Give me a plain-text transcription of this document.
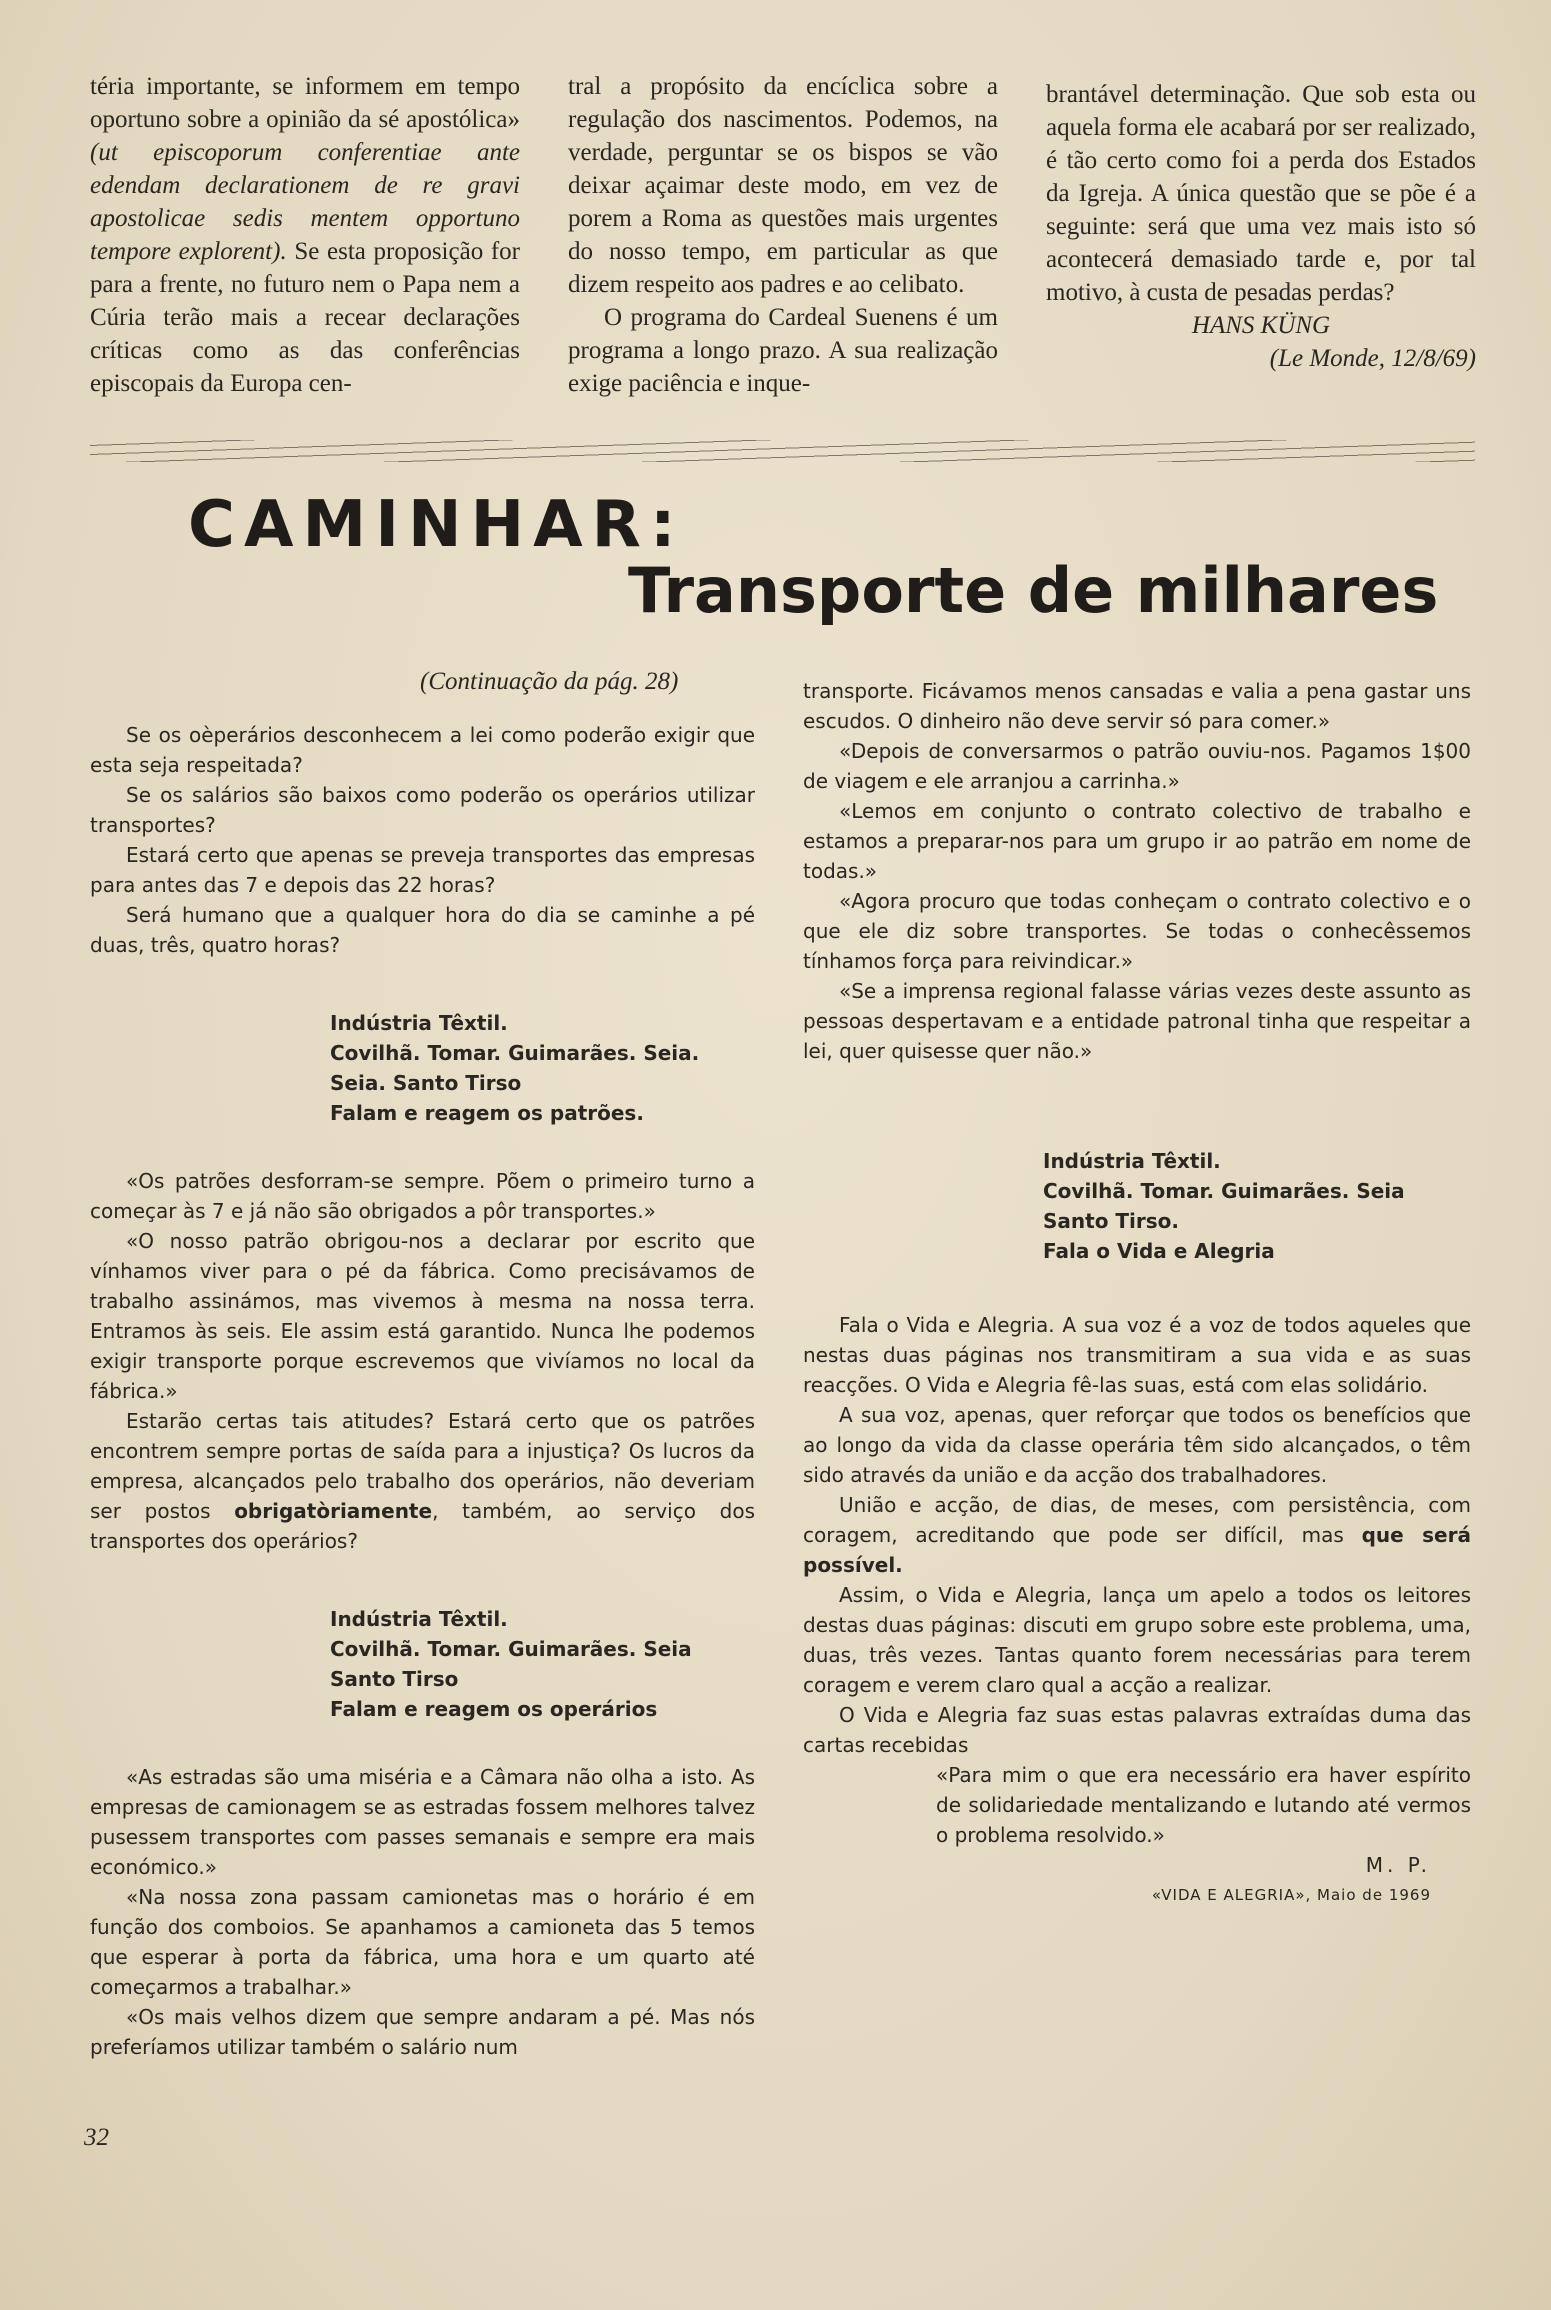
téria importante, se informem em tempo oportuno sobre a opinião da sé apostólica» (ut episcoporum conferentiae ante edendam declarationem de re gravi apostolicae sedis mentem opportuno tempore explorent). Se esta proposição for para a frente, no futuro nem o Papa nem a Cúria terão mais a recear declarações críticas como as das conferências episcopais da Europa cen-

tral a propósito da encíclica sobre a regulação dos nascimentos. Podemos, na verdade, perguntar se os bispos se vão deixar açaimar deste modo, em vez de porem a Roma as questões mais urgentes do nosso tempo, em particular as que dizem respeito aos padres e ao celibato.

O programa do Cardeal Suenens é um programa a longo prazo. A sua realização exige paciência e inque-

brantável determinação. Que sob esta ou aquela forma ele acabará por ser realizado, é tão certo como foi a perda dos Estados da Igreja. A única questão que se põe é a seguinte: será que uma vez mais isto só acontecerá demasiado tarde e, por tal motivo, à custa de pesadas perdas?

HANS KÜNG

(Le Monde, 12/8/69)

CAMINHAR:
Transporte de milhares
(Continuação da pág. 28)

Se os oèperários desconhecem a lei como poderão exigir que esta seja respeitada?

Se os salários são baixos como poderão os operários utilizar transportes?

Estará certo que apenas se preveja transportes das empresas para antes das 7 e depois das 22 horas?

Será humano que a qualquer hora do dia se caminhe a pé duas, três, quatro horas?

Indústria Têxtil.
Covilhã. Tomar. Guimarães. Seia.
Seia. Santo Tirso
Falam e reagem os patrões.

«Os patrões desforram-se sempre. Põem o primeiro turno a começar às 7 e já não são obrigados a pôr transportes.»

«O nosso patrão obrigou-nos a declarar por escrito que vínhamos viver para o pé da fábrica. Como precisávamos de trabalho assinámos, mas vivemos à mesma na nossa terra. Entramos às seis. Ele assim está garantido. Nunca lhe podemos exigir transporte porque escrevemos que vivíamos no local da fábrica.»

Estarão certas tais atitudes? Estará certo que os patrões encontrem sempre portas de saída para a injustiça? Os lucros da empresa, alcançados pelo trabalho dos operários, não deveriam ser postos obrigatòriamente, também, ao serviço dos transportes dos operários?

Indústria Têxtil.
Covilhã. Tomar. Guimarães. Seia
Santo Tirso
Falam e reagem os operários

«As estradas são uma miséria e a Câmara não olha a isto. As empresas de camionagem se as estradas fossem melhores talvez pusessem transportes com passes semanais e sempre era mais económico.»

«Na nossa zona passam camionetas mas o horário é em função dos comboios. Se apanhamos a camioneta das 5 temos que esperar à porta da fábrica, uma hora e um quarto até começarmos a trabalhar.»

«Os mais velhos dizem que sempre andaram a pé. Mas nós preferíamos utilizar também o salário num

transporte. Ficávamos menos cansadas e valia a pena gastar uns escudos. O dinheiro não deve servir só para comer.»

«Depois de conversarmos o patrão ouviu-nos. Pagamos 1$00 de viagem e ele arranjou a carrinha.»

«Lemos em conjunto o contrato colectivo de trabalho e estamos a preparar-nos para um grupo ir ao patrão em nome de todas.»

«Agora procuro que todas conheçam o contrato colectivo e o que ele diz sobre transportes. Se todas o conhecêssemos tínhamos força para reivindicar.»

«Se a imprensa regional falasse várias vezes deste assunto as pessoas despertavam e a entidade patronal tinha que respeitar a lei, quer quisesse quer não.»

Indústria Têxtil.
Covilhã. Tomar. Guimarães. Seia
Santo Tirso.
Fala o Vida e Alegria

Fala o Vida e Alegria. A sua voz é a voz de todos aqueles que nestas duas páginas nos transmitiram a sua vida e as suas reacções. O Vida e Alegria fê-las suas, está com elas solidário.

A sua voz, apenas, quer reforçar que todos os benefícios que ao longo da vida da classe operária têm sido alcançados, o têm sido através da união e da acção dos trabalhadores.

União e acção, de dias, de meses, com persistência, com coragem, acreditando que pode ser difícil, mas que será possível.

Assim, o Vida e Alegria, lança um apelo a todos os leitores destas duas páginas: discuti em grupo sobre este problema, uma, duas, três vezes. Tantas quanto forem necessárias para terem coragem e verem claro qual a acção a realizar.

O Vida e Alegria faz suas estas palavras extraídas duma das cartas recebidas

«Para mim o que era necessário era haver espírito de solidariedade mentalizando e lutando até vermos o problema resolvido.»

M. P.

«VIDA E ALEGRIA», Maio de 1969

32
